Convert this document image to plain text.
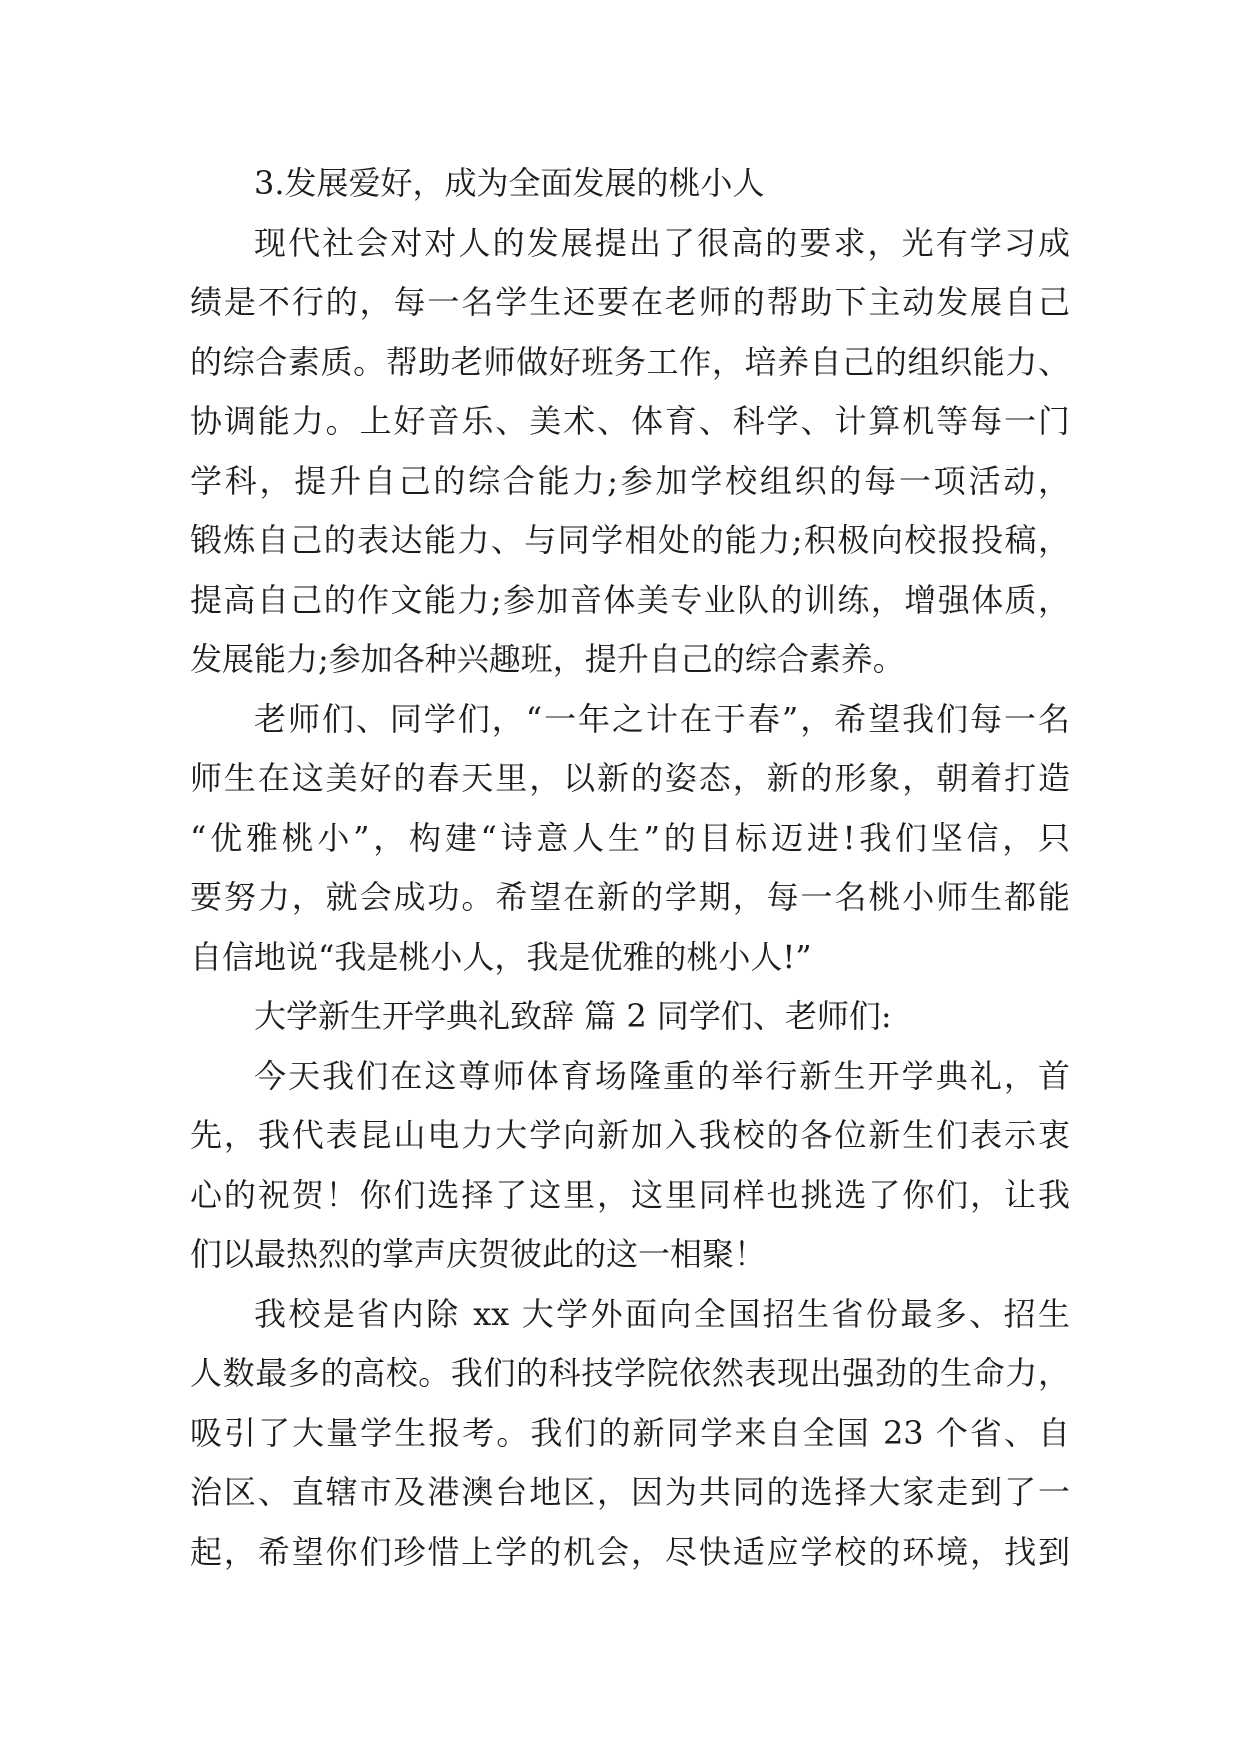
3.发展爱好，成为全面发展的桃小人
现代社会对对人的发展提出了很高的要求，光有学习成
绩是不行的，每一名学生还要在老师的帮助下主动发展自己
的综合素质。帮助老师做好班务工作，培养自己的组织能力、
协调能力。上好音乐、美术、体育、科学、计算机等每一门
学科，提升自己的综合能力;参加学校组织的每一项活动，
锻炼自己的表达能力、与同学相处的能力;积极向校报投稿，
提高自己的作文能力;参加音体美专业队的训练，增强体质，
发展能力;参加各种兴趣班，提升自己的综合素养。
老师们、同学们，“一年之计在于春”，希望我们每一名
师生在这美好的春天里，以新的姿态，新的形象，朝着打造
“优雅桃小”，构建“诗意人生”的目标迈进!我们坚信，只
要努力，就会成功。希望在新的学期，每一名桃小师生都能
自信地说“我是桃小人，我是优雅的桃小人!”
大学新生开学典礼致辞 篇 2 同学们、老师们:
今天我们在这尊师体育场隆重的举行新生开学典礼，首
先，我代表昆山电力大学向新加入我校的各位新生们表示衷
心的祝贺！你们选择了这里，这里同样也挑选了你们，让我
们以最热烈的掌声庆贺彼此的这一相聚！
我校是省内除 xx 大学外面向全国招生省份最多、招生
人数最多的高校。我们的科技学院依然表现出强劲的生命力，
吸引了大量学生报考。我们的新同学来自全国 23 个省、自
治区、直辖市及港澳台地区，因为共同的选择大家走到了一
起，希望你们珍惜上学的机会，尽快适应学校的环境，找到
